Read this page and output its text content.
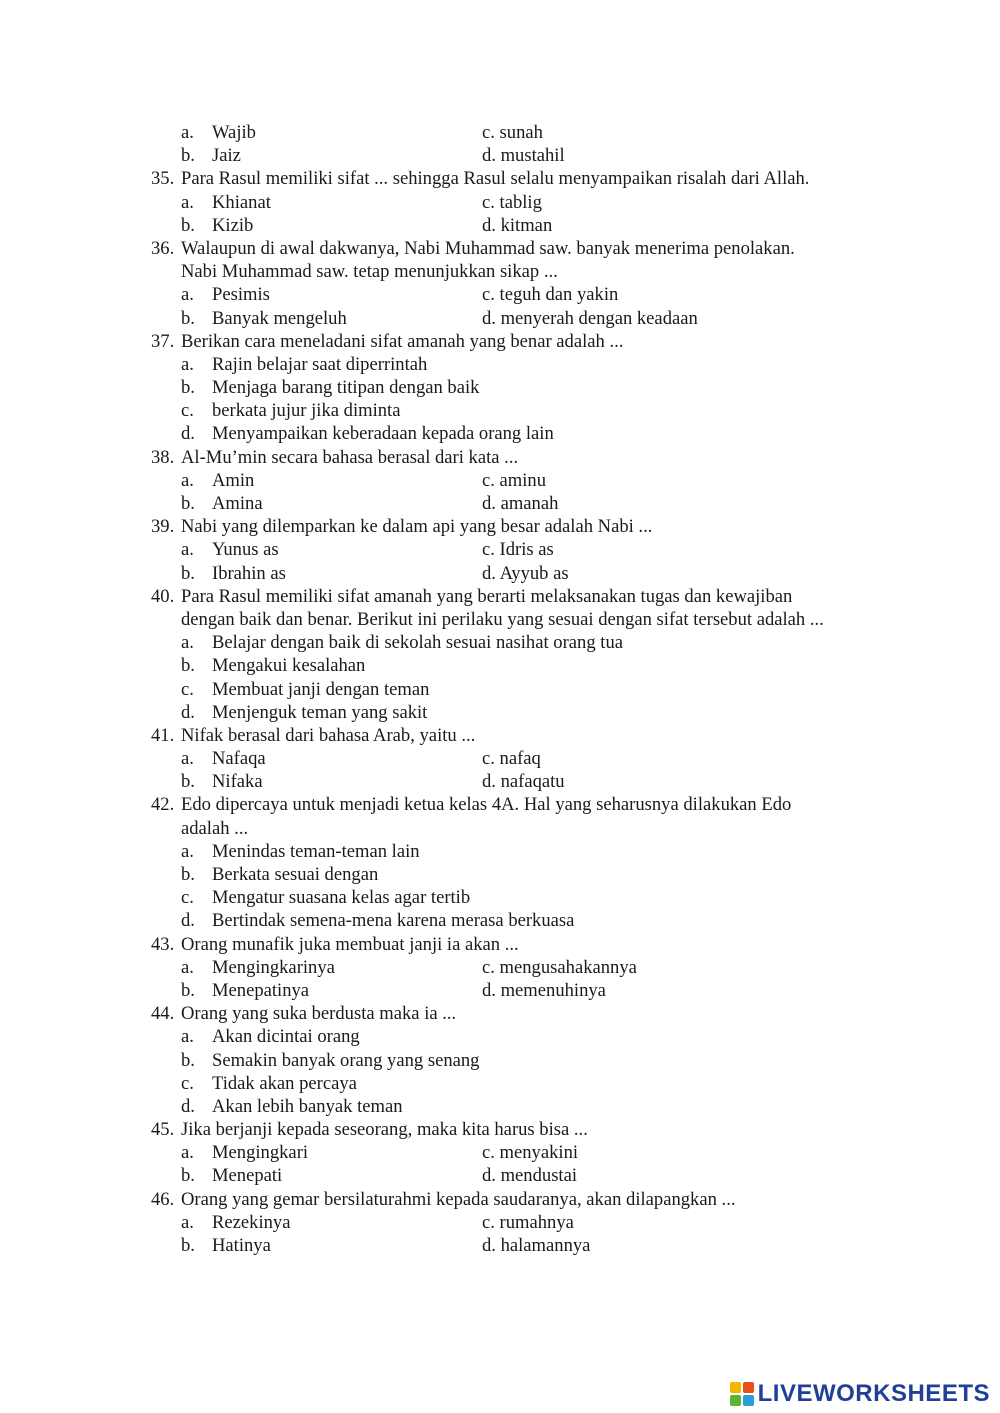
a. Wajib	c. sunah
b. Jaiz	d. mustahil
35. Para Rasul memiliki sifat ... sehingga Rasul selalu menyampaikan risalah dari Allah.
a. Khianat	c. tablig
b. Kizib	d. kitman
36. Walaupun di awal dakwanya, Nabi Muhammad saw. banyak menerima penolakan.
Nabi Muhammad saw. tetap menunjukkan sikap ...
a. Pesimis	c. teguh dan yakin
b. Banyak mengeluh	d. menyerah dengan keadaan
37. Berikan cara meneladani sifat amanah yang benar adalah ...
a. Rajin belajar saat diperrintah
b. Menjaga barang titipan dengan baik
c. berkata jujur jika diminta
d. Menyampaikan keberadaan kepada orang lain
38. Al-Mu’min secara bahasa berasal dari kata ...
a. Amin	c. aminu
b. Amina	d. amanah
39. Nabi yang dilemparkan ke dalam api yang besar adalah Nabi ...
a. Yunus as	c. Idris as
b. Ibrahin as	d. Ayyub as
40. Para Rasul memiliki sifat amanah yang berarti melaksanakan tugas dan kewajiban
dengan baik dan benar. Berikut ini perilaku yang sesuai dengan sifat tersebut adalah ...
a. Belajar dengan baik di sekolah sesuai nasihat orang tua
b. Mengakui kesalahan
c. Membuat janji dengan teman
d. Menjenguk teman yang sakit
41. Nifak berasal dari bahasa Arab, yaitu ...
a. Nafaqa	c. nafaq
b. Nifaka	d. nafaqatu
42. Edo dipercaya untuk menjadi ketua kelas 4A. Hal yang seharusnya dilakukan Edo
adalah ...
a. Menindas teman-teman lain
b. Berkata sesuai dengan
c. Mengatur suasana kelas agar tertib
d. Bertindak semena-mena karena merasa berkuasa
43. Orang munafik juka membuat janji ia akan ...
a. Mengingkarinya	c. mengusahakannya
b. Menepatinya	d. memenuhinya
44. Orang yang suka berdusta maka ia ...
a. Akan dicintai orang
b. Semakin banyak orang yang senang
c. Tidak akan percaya
d. Akan lebih banyak teman
45. Jika berjanji kepada seseorang, maka kita harus bisa ...
a. Mengingkari	c. menyakini
b. Menepati	d. mendustai
46. Orang yang gemar bersilaturahmi kepada saudaranya, akan dilapangkan ...
a. Rezekinya	c. rumahnya
b. Hatinya	d. halamannya
LIVEWORKSHEETS
